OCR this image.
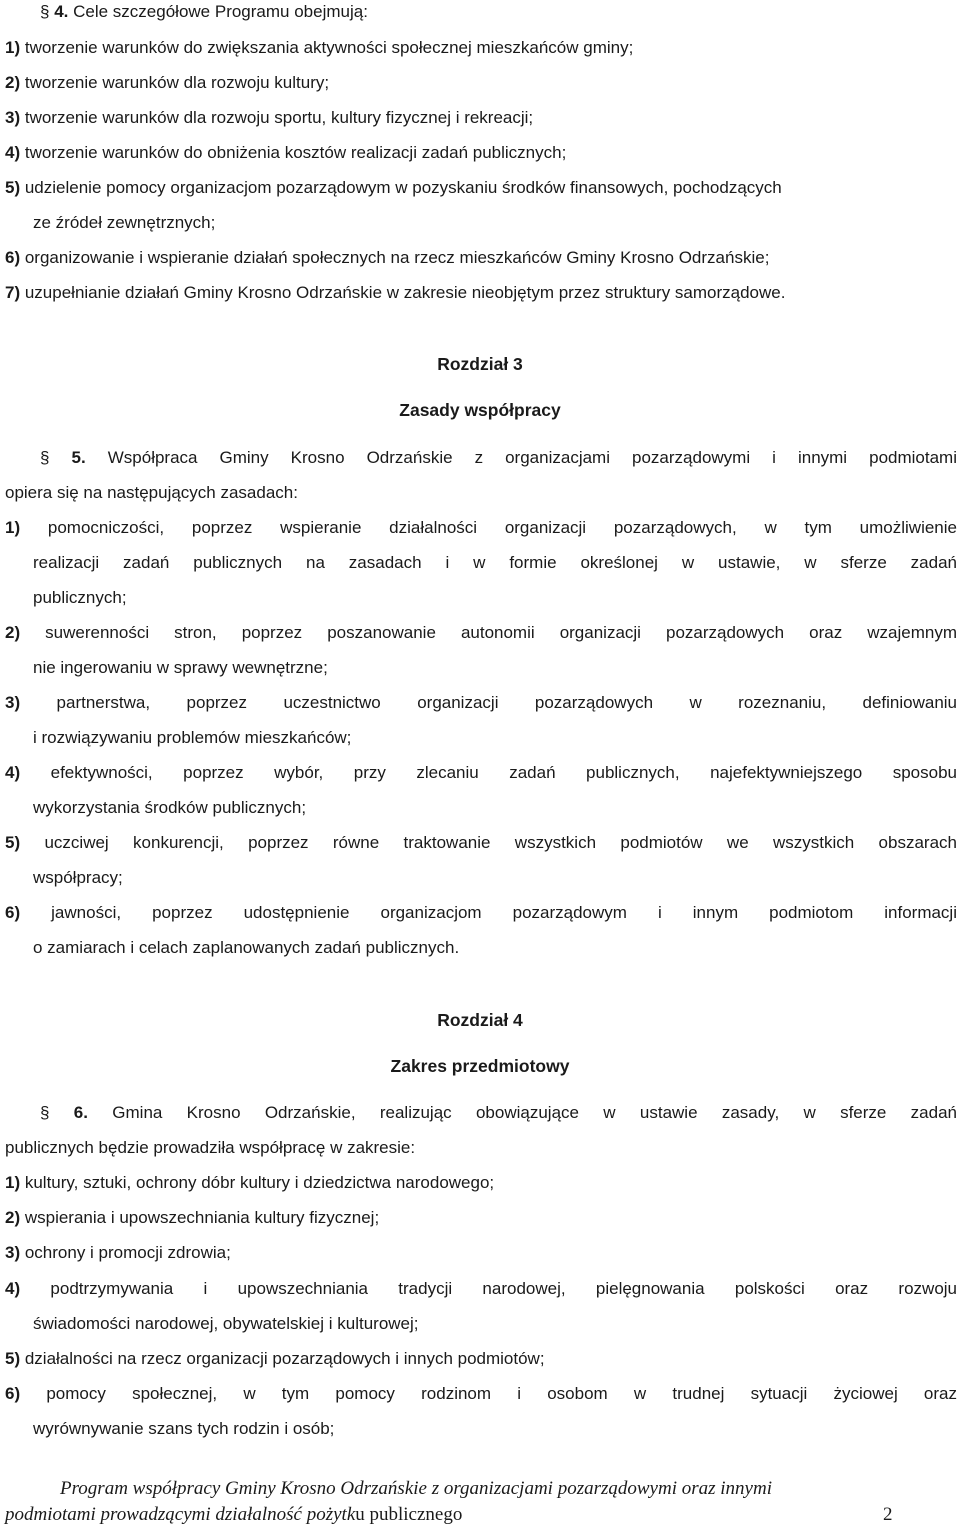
§ 4. Cele szczegółowe Programu obejmują:
1) tworzenie warunków do zwiększania aktywności społecznej mieszkańców gminy;
2) tworzenie warunków dla rozwoju kultury;
3) tworzenie warunków dla rozwoju sportu, kultury fizycznej i rekreacji;
4) tworzenie warunków do obniżenia kosztów realizacji zadań publicznych;
5) udzielenie pomocy organizacjom pozarządowym w pozyskaniu środków finansowych, pochodzących
ze źródeł zewnętrznych;
6) organizowanie i wspieranie działań społecznych na rzecz mieszkańców Gminy Krosno Odrzańskie;
7) uzupełnianie działań Gminy Krosno Odrzańskie w zakresie nieobjętym przez struktury samorządowe.
Rozdział 3
Zasady współpracy
§ 5. Współpraca Gminy Krosno Odrzańskie z organizacjami pozarządowymi i innymi podmiotami
opiera się na następujących zasadach:
1) pomocniczości, poprzez wspieranie działalności organizacji pozarządowych, w tym umożliwienie
realizacji zadań publicznych na zasadach i w formie określonej w ustawie, w sferze zadań
publicznych;
2) suwerenności stron, poprzez poszanowanie autonomii organizacji pozarządowych oraz wzajemnym
nie ingerowaniu w sprawy wewnętrzne;
3) partnerstwa, poprzez uczestnictwo organizacji pozarządowych w rozeznaniu, definiowaniu
i rozwiązywaniu problemów mieszkańców;
4) efektywności, poprzez wybór, przy zlecaniu zadań publicznych, najefektywniejszego sposobu
wykorzystania środków publicznych;
5) uczciwej konkurencji, poprzez równe traktowanie wszystkich podmiotów we wszystkich obszarach
współpracy;
6) jawności, poprzez udostępnienie organizacjom pozarządowym i innym podmiotom informacji
o zamiarach i celach zaplanowanych zadań publicznych.
Rozdział 4
Zakres przedmiotowy
§ 6. Gmina Krosno Odrzańskie, realizując obowiązujące w ustawie zasady, w sferze zadań
publicznych będzie prowadziła współpracę w zakresie:
1) kultury, sztuki, ochrony dóbr kultury i dziedzictwa narodowego;
2) wspierania i upowszechniania kultury fizycznej;
3) ochrony i promocji zdrowia;
4) podtrzymywania i upowszechniania tradycji narodowej, pielęgnowania polskości oraz rozwoju
świadomości narodowej, obywatelskiej i kulturowej;
5) działalności na rzecz organizacji pozarządowych i innych podmiotów;
6) pomocy społecznej, w tym pomocy rodzinom i osobom w trudnej sytuacji życiowej oraz
wyrównywanie szans tych rodzin i osób;
Program współpracy Gminy Krosno Odrzańskie z organizacjami pozarządowymi oraz innymi
podmiotami prowadzącymi działalność pożytku publicznego	2
